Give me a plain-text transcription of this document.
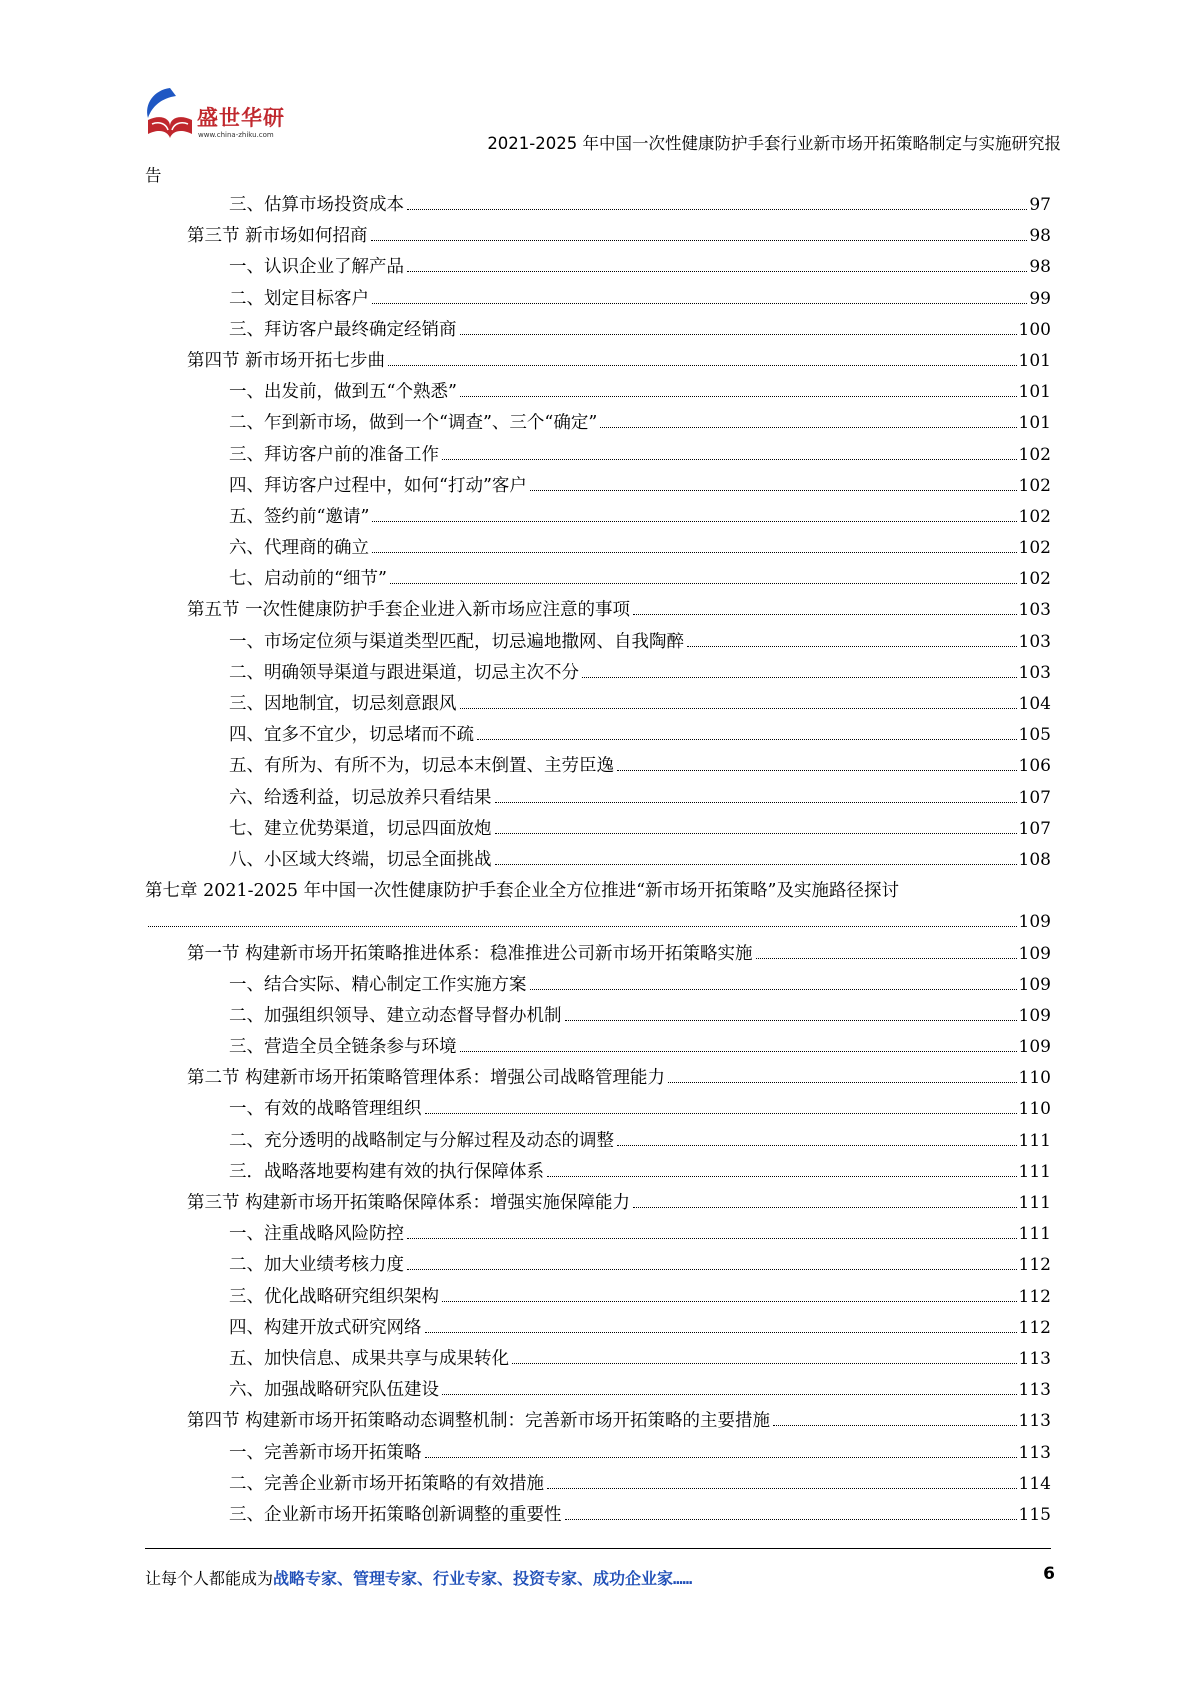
盛世华研
www.china-zhiku.com	2021-2025 年中国一次性健康防护手套行业新市场开拓策略制定与实施研究报
告
三、估算市场投资成本	97
第三节 新市场如何招商	98
一、认识企业了解产品	98
二、划定目标客户	99
三、拜访客户最终确定经销商	100
第四节 新市场开拓七步曲	101
一、出发前，做到五“个熟悉”	101
二、乍到新市场，做到一个“调查”、三个“确定”	101
三、拜访客户前的准备工作	102
四、拜访客户过程中，如何“打动”客户	102
五、签约前“邀请”	102
六、代理商的确立	102
七、启动前的“细节”	102
第五节 一次性健康防护手套企业进入新市场应注意的事项	103
一、市场定位须与渠道类型匹配，切忌遍地撒网、自我陶醉	103
二、明确领导渠道与跟进渠道，切忌主次不分	103
三、因地制宜，切忌刻意跟风	104
四、宜多不宜少，切忌堵而不疏	105
五、有所为、有所不为，切忌本末倒置、主劳臣逸	106
六、给透利益，切忌放养只看结果	107
七、建立优势渠道，切忌四面放炮	107
八、小区域大终端，切忌全面挑战	108
第七章 2021-2025 年中国一次性健康防护手套企业全方位推进“新市场开拓策略”及实施路径探讨
109
第一节 构建新市场开拓策略推进体系：稳准推进公司新市场开拓策略实施	109
一、结合实际、精心制定工作实施方案	109
二、加强组织领导、建立动态督导督办机制	109
三、营造全员全链条参与环境	109
第二节 构建新市场开拓策略管理体系：增强公司战略管理能力	110
一、有效的战略管理组织	110
二、充分透明的战略制定与分解过程及动态的调整	111
三．战略落地要构建有效的执行保障体系	111
第三节 构建新市场开拓策略保障体系：增强实施保障能力	111
一、注重战略风险防控	111
二、加大业绩考核力度	112
三、优化战略研究组织架构	112
四、构建开放式研究网络	112
五、加快信息、成果共享与成果转化	113
六、加强战略研究队伍建设	113
第四节 构建新市场开拓策略动态调整机制：完善新市场开拓策略的主要措施	113
一、完善新市场开拓策略	113
二、完善企业新市场开拓策略的有效措施	114
三、企业新市场开拓策略创新调整的重要性	115
让每个人都能成为战略专家、管理专家、行业专家、投资专家、成功企业家……	6
